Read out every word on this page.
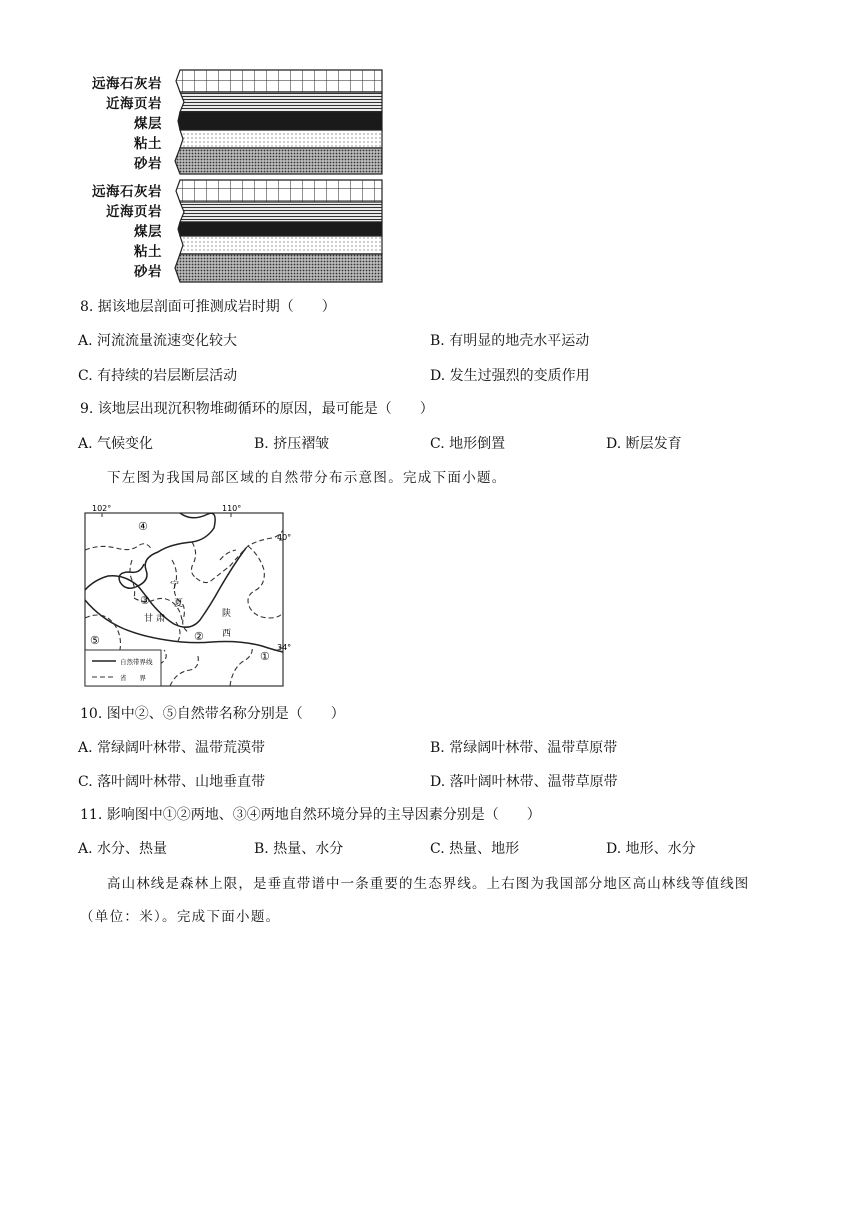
远海石灰岩
近海页岩
煤层
粘土
砂岩
远海石灰岩
近海页岩
煤层
粘土
砂岩
8. 据该地层剖面可推测成岩时期（　　）
A. 河流流量流速变化较大	B. 有明显的地壳水平运动
C. 有持续的岩层断层活动	D. 发生过强烈的变质作用
9. 该地层出现沉积物堆砌循环的原因，最可能是（　　）
A. 气候变化	B. 挤压褶皱	C. 地形倒置	D. 断层发育
下左图为我国局部区域的自然带分布示意图。完成下面小题。
102°	110°
40°
34°
④
③
②
⑤
①
宁
夏
甘 肃	陕
西
自然带界线
省　　界
10. 图中②、⑤自然带名称分别是（　　）
A. 常绿阔叶林带、温带荒漠带	B. 常绿阔叶林带、温带草原带
C. 落叶阔叶林带、山地垂直带	D. 落叶阔叶林带、温带草原带
11. 影响图中①②两地、③④两地自然环境分异的主导因素分别是（　　）
A. 水分、热量	B. 热量、水分	C. 热量、地形	D. 地形、水分
高山林线是森林上限，是垂直带谱中一条重要的生态界线。上右图为我国部分地区高山林线等值线图
（单位：米）。完成下面小题。
